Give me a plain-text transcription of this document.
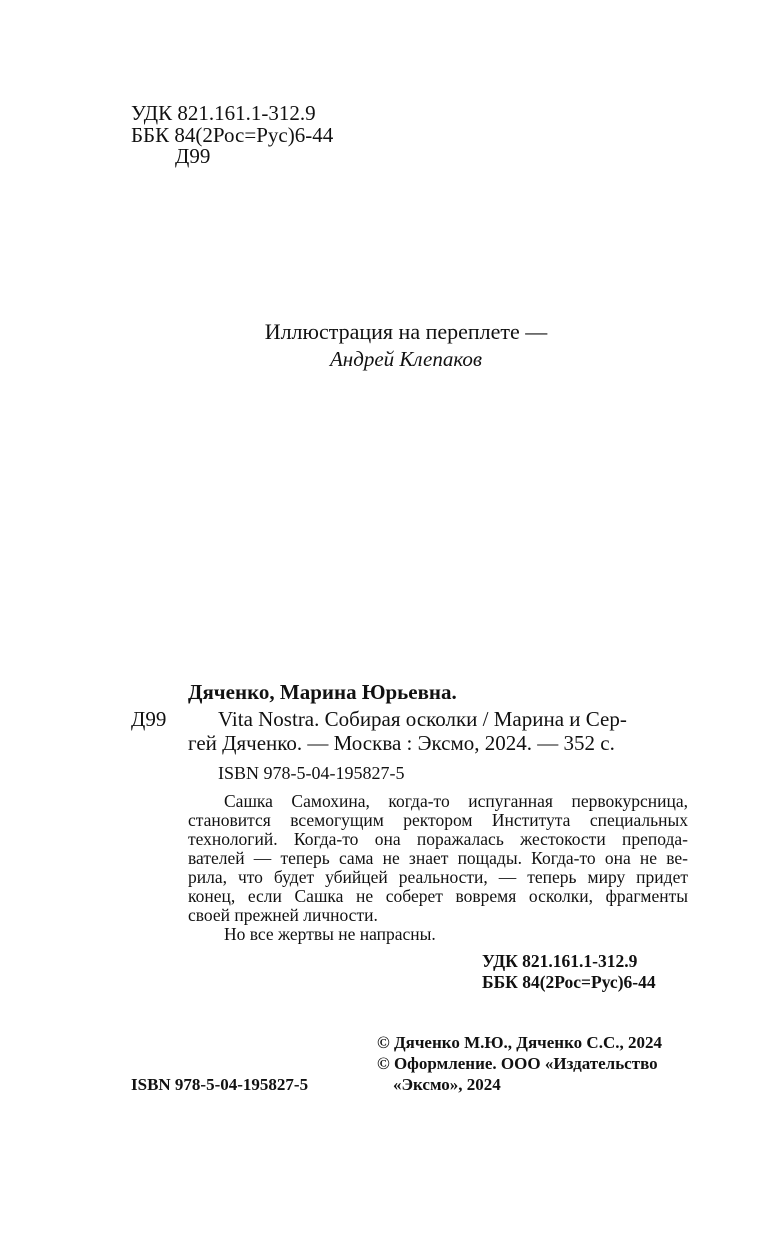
УДК 821.161.1-312.9
ББК 84(2Рос=Рус)6-44
Д99
Иллюстрация на переплете —
Андрей Клепаков
Дяченко, Марина Юрьевна.
Д99 Vita Nostra. Собирая осколки / Марина и Сер-
гей Дяченко. — Москва : Эксмо, 2024. — 352 с.
ISBN 978-5-04-195827-5
Сашка Самохина, когда-то испуганная первокурсница,
становится всемогущим ректором Института специальных
технологий. Когда-то она поражалась жестокости препода-
вателей — теперь сама не знает пощады. Когда-то она не ве-
рила, что будет убийцей реальности, — теперь миру придет
конец, если Сашка не соберет вовремя осколки, фрагменты
своей прежней личности.
Но все жертвы не напрасны.
УДК 821.161.1-312.9
ББК 84(2Рос=Рус)6-44
© Дяченко М.Ю., Дяченко С.С., 2024
© Оформление. ООО «Издательство
«Эксмо», 2024
ISBN 978-5-04-195827-5
